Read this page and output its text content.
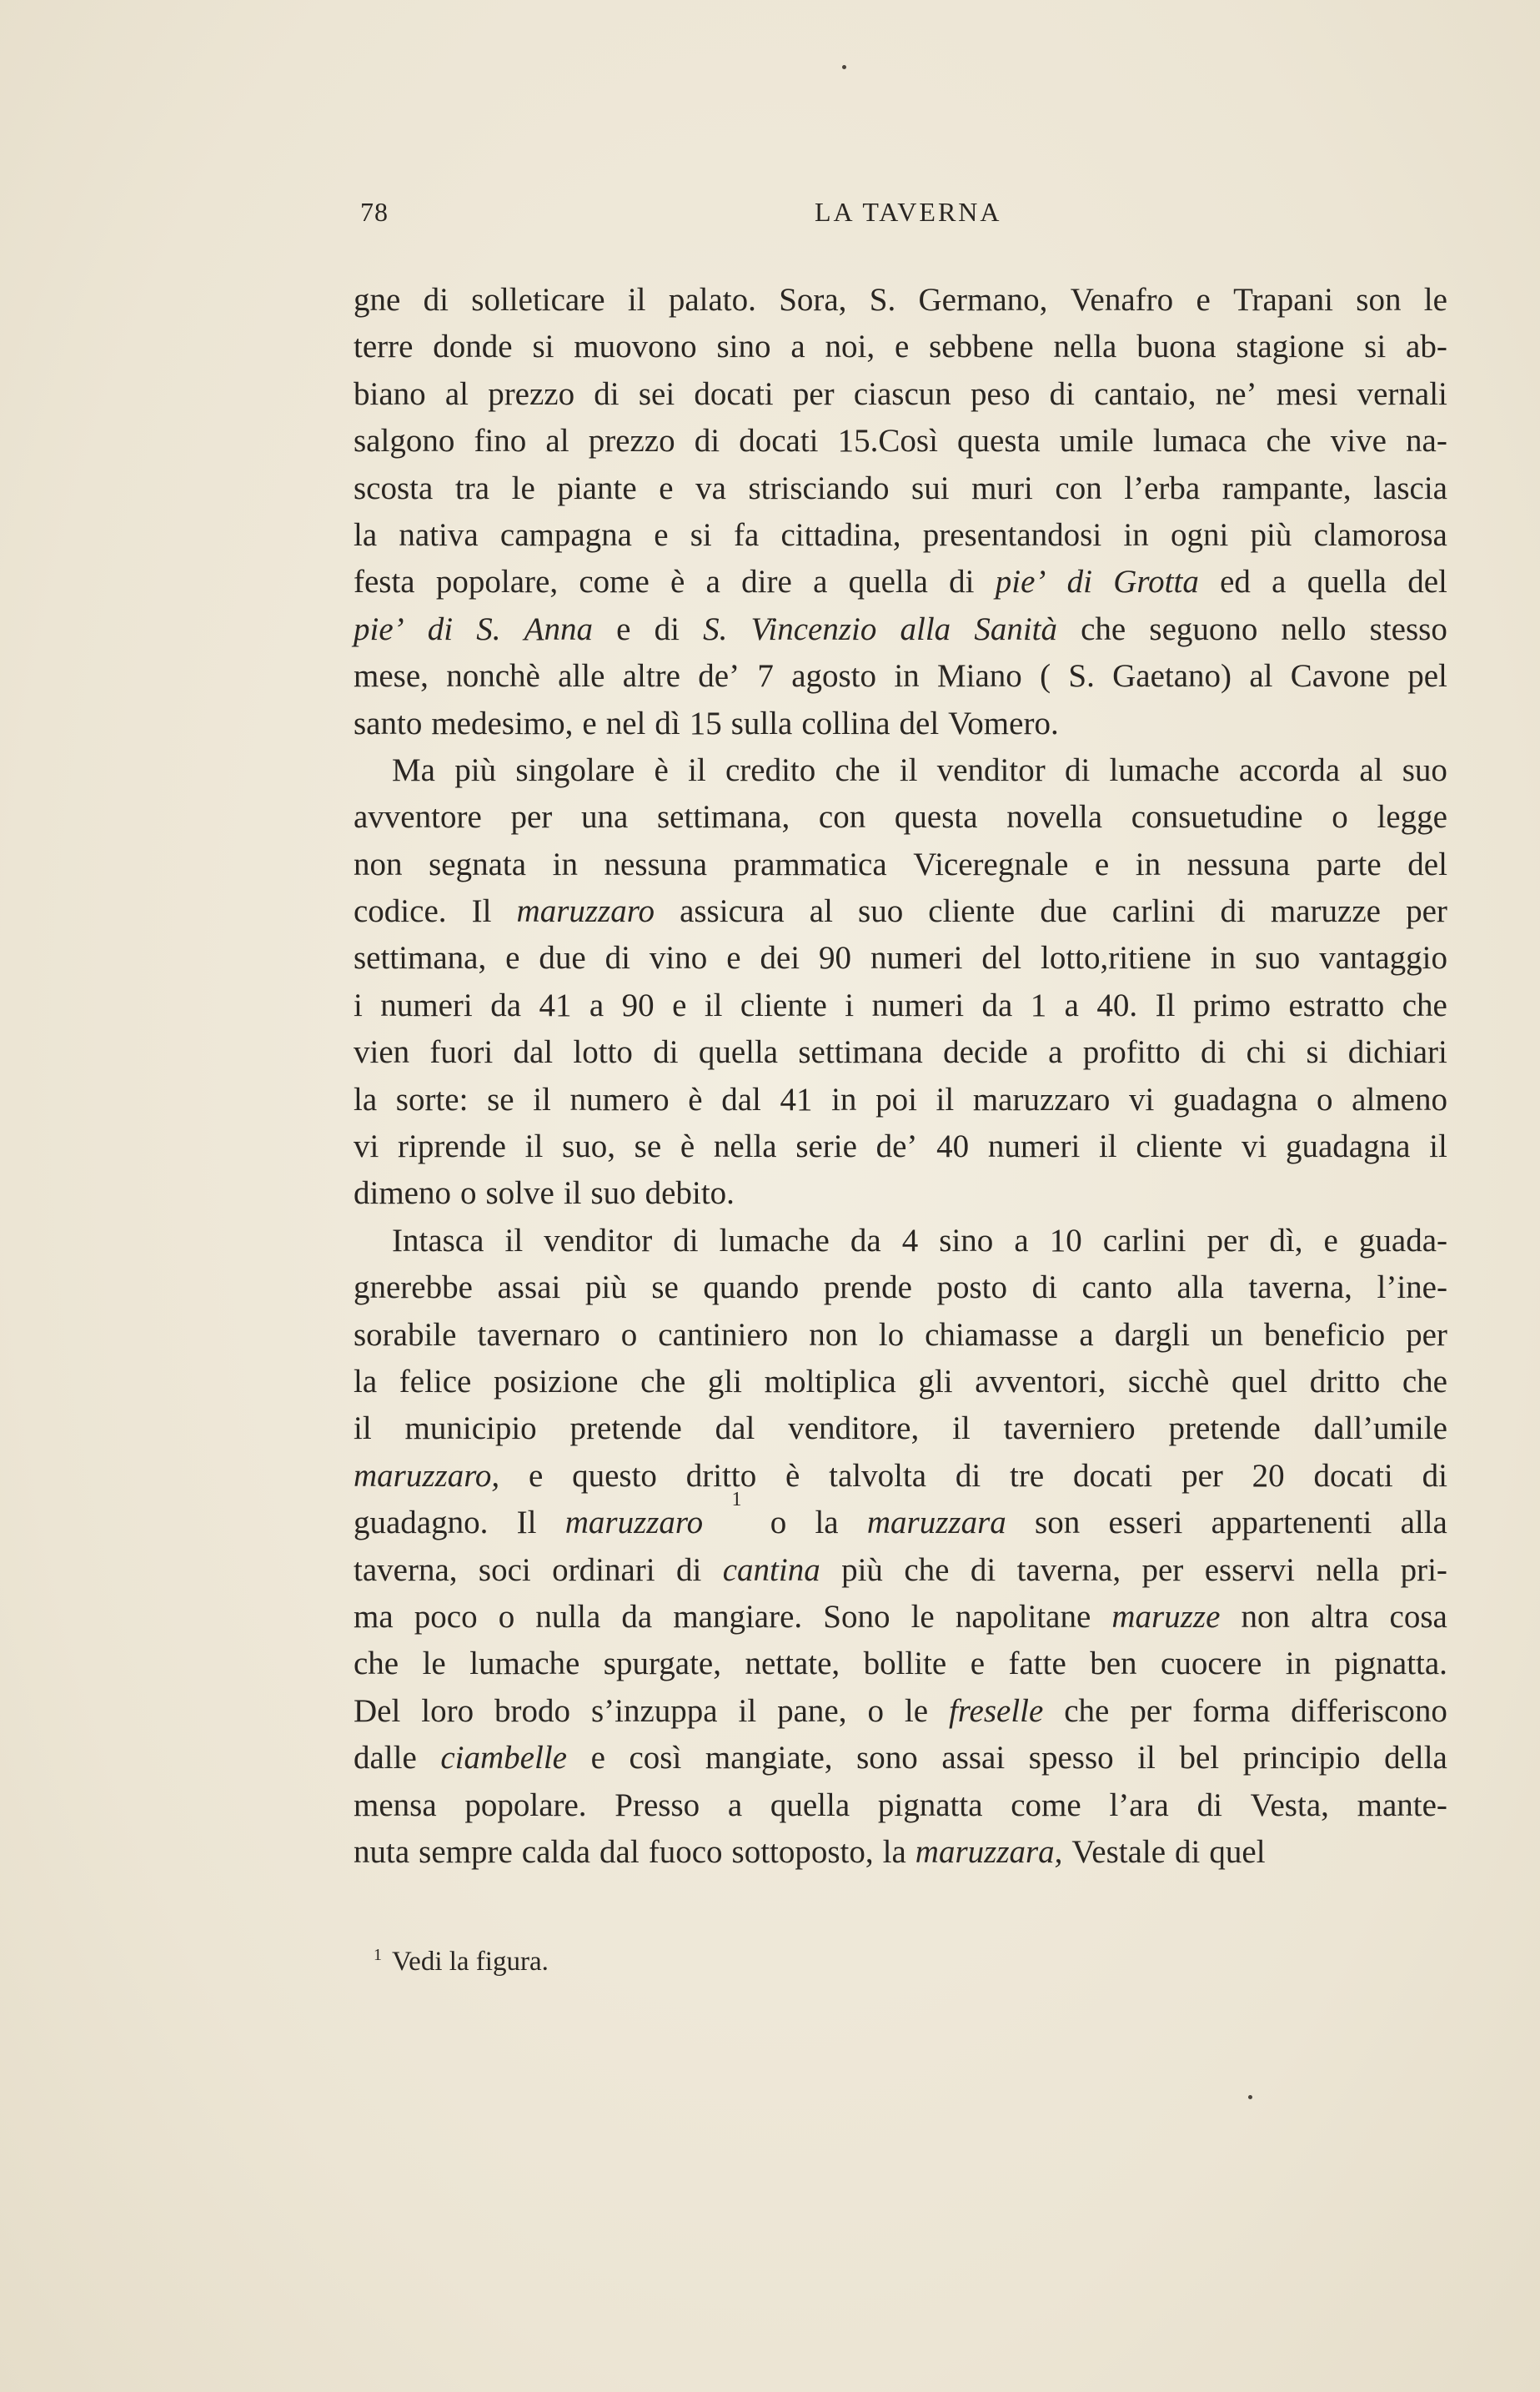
78	LA TAVERNA
gne di solleticare il palato. Sora, S. Germano, Venafro e Trapani son le
terre donde si muovono sino a noi, e sebbene nella buona stagione si ab-
biano al prezzo di sei docati per ciascun peso di cantaio, ne’ mesi vernali
salgono fino al prezzo di docati 15.Così questa umile lumaca che vive na-
scosta tra le piante e va strisciando sui muri con l’erba rampante, lascia
la nativa campagna e si fa cittadina, presentandosi in ogni più clamorosa
festa popolare, come è a dire a quella di pie’ di Grotta ed a quella del
pie’ di S. Anna e di S. Vincenzio alla Sanità che seguono nello stesso
mese, nonchè alle altre de’ 7 agosto in Miano ( S. Gaetano) al Cavone pel
santo medesimo, e nel dì 15 sulla collina del Vomero.
Ma più singolare è il credito che il venditor di lumache accorda al suo
avventore per una settimana, con questa novella consuetudine o legge
non segnata in nessuna prammatica Viceregnale e in nessuna parte del
codice. Il maruzzaro assicura al suo cliente due carlini di maruzze per
settimana, e due di vino e dei 90 numeri del lotto,ritiene in suo vantaggio
i numeri da 41 a 90 e il cliente i numeri da 1 a 40. Il primo estratto che
vien fuori dal lotto di quella settimana decide a profitto di chi si dichiari
la sorte: se il numero è dal 41 in poi il maruzzaro vi guadagna o almeno
vi riprende il suo, se è nella serie de’ 40 numeri il cliente vi guadagna il
dimeno o solve il suo debito.
Intasca il venditor di lumache da 4 sino a 10 carlini per dì, e guada-
gnerebbe assai più se quando prende posto di canto alla taverna, l’ine-
sorabile tavernaro o cantiniero non lo chiamasse a dargli un beneficio per
la felice posizione che gli moltiplica gli avventori, sicchè quel dritto che
il municipio pretende dal venditore, il taverniero pretende dall’umile
maruzzaro, e questo dritto è talvolta di tre docati per 20 docati di
guadagno. Il maruzzaro
1
o la maruzzara son esseri appartenenti alla
taverna, soci ordinari di cantina più che di taverna, per esservi nella pri-
ma poco o nulla da mangiare. Sono le napolitane maruzze non altra cosa
che le lumache spurgate, nettate, bollite e fatte ben cuocere in pignatta.
Del loro brodo s’inzuppa il pane, o le freselle che per forma differiscono
dalle ciambelle e così mangiate, sono assai spesso il bel principio della
mensa popolare. Presso a quella pignatta come l’ara di Vesta, mante-
nuta sempre calda dal fuoco sottoposto, la maruzzara, Vestale di quel
$^1$ Vedi la figura.
